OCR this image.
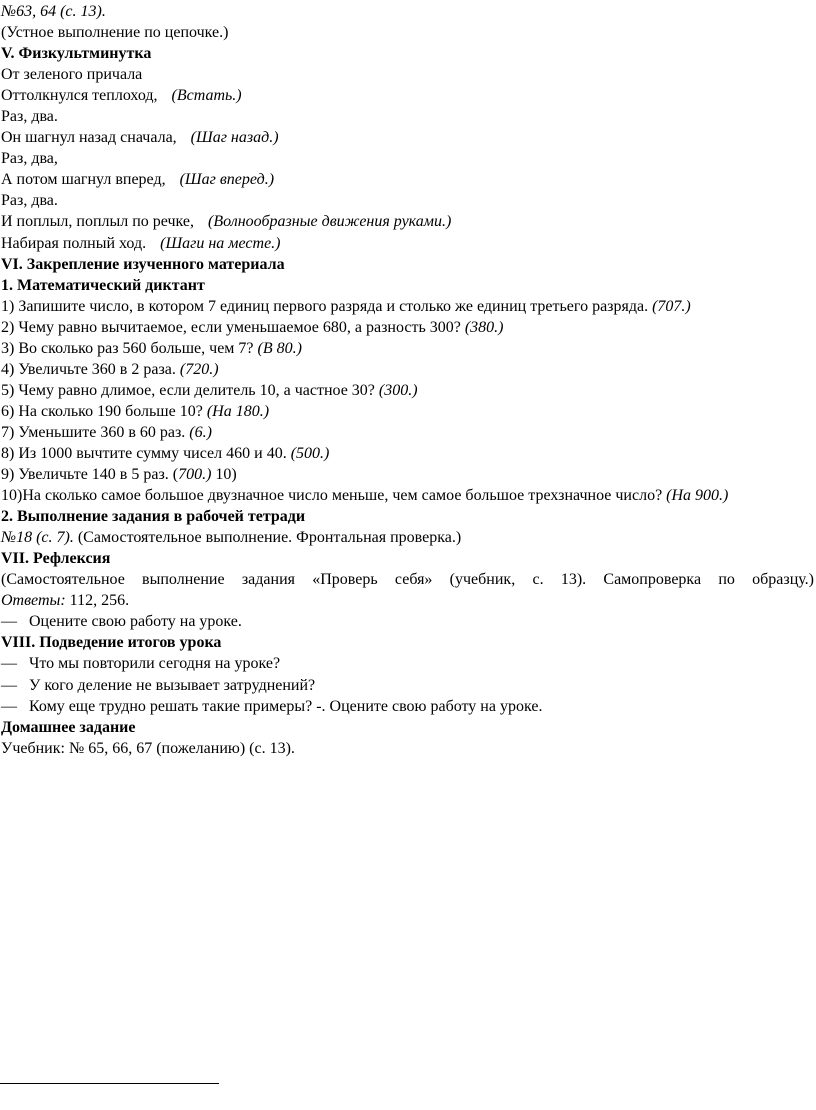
№63, 64 (с. 13).
(Устное выполнение по цепочке.)
V. Физкультминутка
От зеленого причала
Оттолкнулся теплоход, (Встать.)
Раз, два.
Он шагнул назад сначала, (Шаг назад.)
Раз, два,
А потом шагнул вперед, (Шаг вперед.)
Раз, два.
И поплыл, поплыл по речке, (Волнообразные движения руками.)
Набирая полный ход. (Шаги на месте.)
VI. Закрепление изученного материала
1. Математический диктант
1) Запишите число, в котором 7 единиц первого разряда и столько же единиц третьего разряда. (707.)
2) Чему равно вычитаемое, если уменьшаемое 680, а разность 300? (380.)
3) Во сколько раз 560 больше, чем 7? (В 80.)
4) Увеличьте 360 в 2 раза. (720.)
5) Чему равно длимое, если делитель 10, а частное 30? (300.)
6) На сколько 190 больше 10? (На 180.)
7) Уменьшите 360 в 60 раз. (6.)
8) Из 1000 вычтите сумму чисел 460 и 40. (500.)
9) Увеличьте 140 в 5 раз. (700.) 10)
10)На сколько самое большое двузначное число меньше, чем самое большое трехзначное число? (На 900.)
2. Выполнение задания в рабочей тетради
№18 (с. 7). (Самостоятельное выполнение. Фронтальная проверка.)
VII. Рефлексия
(Самостоятельное выполнение задания «Проверь себя» (учебник, с. 13). Самопроверка по образцу.)
Ответы: 112, 256.
— Оцените свою работу на уроке.
VIII. Подведение итогов урока
— Что мы повторили сегодня на уроке?
— У кого деление не вызывает затруднений?
— Кому еще трудно решать такие примеры? -. Оцените свою работу на уроке.
Домашнее задание
Учебник: № 65, 66, 67 (пожеланию) (с. 13).
